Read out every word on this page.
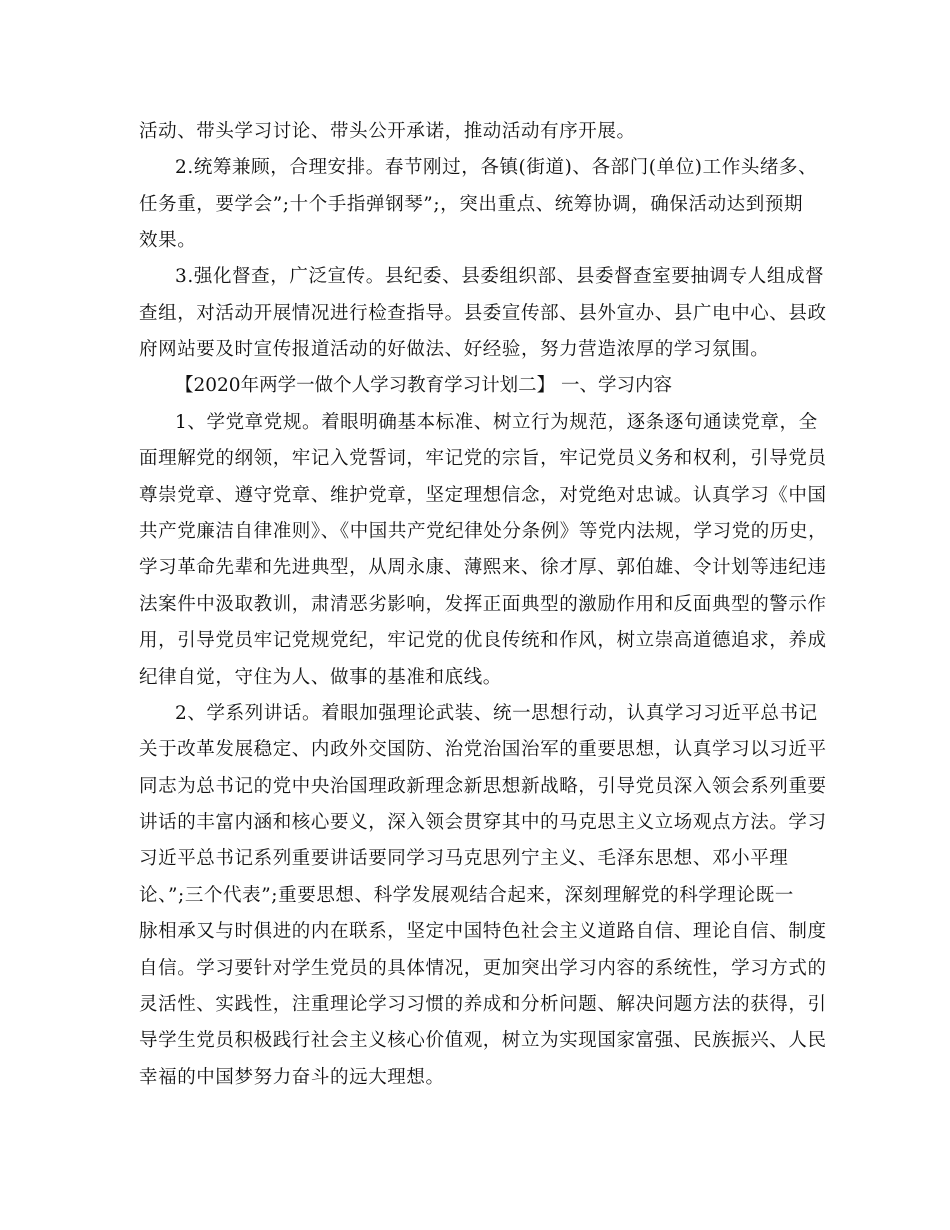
活动、带头学习讨论、带头公开承诺，推动活动有序开展。
2.统筹兼顾，合理安排。春节刚过，各镇(街道)、各部门(单位)工作头绪多、
任务重，要学会”;十个手指弹钢琴”;，突出重点、统筹协调，确保活动达到预期
效果。
3.强化督查，广泛宣传。县纪委、县委组织部、县委督查室要抽调专人组成督
查组，对活动开展情况进行检查指导。县委宣传部、县外宣办、县广电中心、县政
府网站要及时宣传报道活动的好做法、好经验，努力营造浓厚的学习氛围。
【2020年两学一做个人学习教育学习计划二】 一、学习内容
1、学党章党规。着眼明确基本标准、树立行为规范，逐条逐句通读党章，全
面理解党的纲领，牢记入党誓词，牢记党的宗旨，牢记党员义务和权利，引导党员
尊崇党章、遵守党章、维护党章，坚定理想信念，对党绝对忠诚。认真学习《中国
共产党廉洁自律准则》、《中国共产党纪律处分条例》等党内法规，学习党的历史，
学习革命先辈和先进典型，从周永康、薄熙来、徐才厚、郭伯雄、令计划等违纪违
法案件中汲取教训，肃清恶劣影响，发挥正面典型的激励作用和反面典型的警示作
用，引导党员牢记党规党纪，牢记党的优良传统和作风，树立崇高道德追求，养成
纪律自觉，守住为人、做事的基准和底线。
2、学系列讲话。着眼加强理论武装、统一思想行动，认真学习习近平总书记
关于改革发展稳定、内政外交国防、治党治国治军的重要思想，认真学习以习近平
同志为总书记的党中央治国理政新理念新思想新战略，引导党员深入领会系列重要
讲话的丰富内涵和核心要义，深入领会贯穿其中的马克思主义立场观点方法。学习
习近平总书记系列重要讲话要同学习马克思列宁主义、毛泽东思想、邓小平理
论、”;三个代表”;重要思想、科学发展观结合起来，深刻理解党的科学理论既一
脉相承又与时俱进的内在联系，坚定中国特色社会主义道路自信、理论自信、制度
自信。学习要针对学生党员的具体情况，更加突出学习内容的系统性，学习方式的
灵活性、实践性，注重理论学习习惯的养成和分析问题、解决问题方法的获得，引
导学生党员积极践行社会主义核心价值观，树立为实现国家富强、民族振兴、人民
幸福的中国梦努力奋斗的远大理想。
